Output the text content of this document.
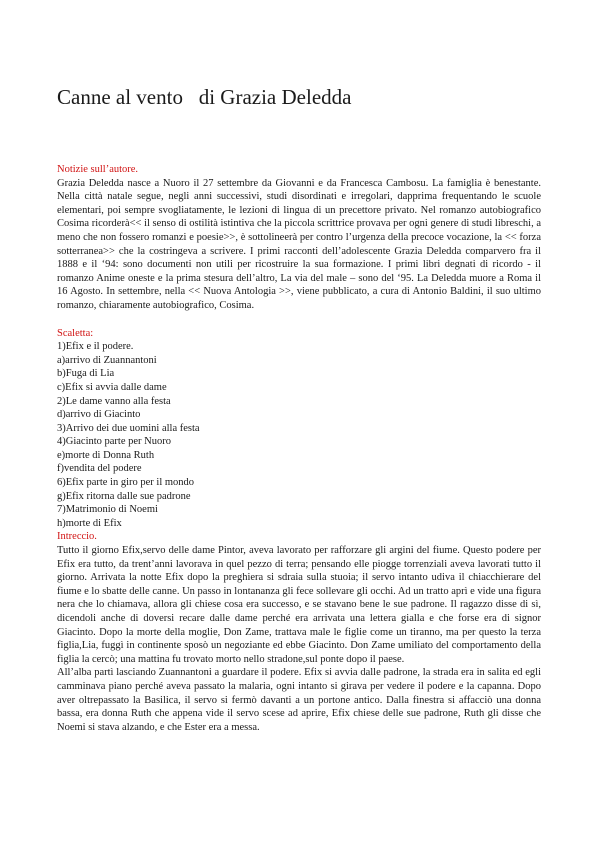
Canne al vento   di Grazia Deledda
Notizie sull’autore.

Grazia Deledda nasce a Nuoro il 27 settembre da Giovanni e da Francesca Cambosu. La famiglia è benestante. Nella città natale segue, negli anni successivi, studi disordinati e irregolari, dapprima frequentando le scuole elementari, poi sempre svogliatamente, le lezioni di lingua di un precettore privato. Nel romanzo autobiografico Cosima ricorderà<< il senso di ostilità istintiva che la piccola scrittrice provava per ogni genere di studi libreschi, a meno che non fossero romanzi e poesie>>, è sottolineerà per contro l’urgenza della precoce vocazione, la << forza sotterranea>> che la costringeva a scrivere. I primi racconti dell’adolescente Grazia Deledda comparvero fra il 1888 e il ‘94: sono documenti non utili per ricostruire la sua formazione. I primi libri degnati di ricordo - il romanzo Anime oneste e la prima stesura dell’altro, La via del male – sono del ‘95. La Deledda muore a Roma il 16 Agosto. In settembre, nella << Nuova Antologia >>, viene pubblicato, a cura di Antonio Baldini, il suo ultimo romanzo, chiaramente autobiografico, Cosima.

Scaletta:
1)Efix e il podere.
a)arrivo di Zuannantoni
b)Fuga di Lia
c)Efix si avvia dalle dame
2)Le dame vanno alla festa
d)arrivo di Giacinto
3)Arrivo dei due uomini alla festa
4)Giacinto parte per Nuoro
e)morte di Donna Ruth
f)vendita del podere
6)Efix parte in giro per il mondo
g)Efix ritorna dalle sue padrone
7)Matrimonio di Noemi
h)morte di Efix
Intreccio.

Tutto il giorno Efix,servo delle dame Pintor, aveva lavorato per rafforzare gli argini del fiume. Questo podere per Efix era tutto, da trent’anni lavorava in quel pezzo di terra; pensando elle piogge torrenziali aveva lavorati tutto il giorno. Arrivata la notte Efix dopo la preghiera si sdraia sulla stuoia; il servo intanto udiva il chiacchierare del fiume e lo sbatte delle canne. Un passo in lontananza gli fece sollevare gli occhi. Ad un tratto aprì e vide una figura nera che lo chiamava, allora gli chiese cosa era successo, e se stavano bene le sue padrone. Il ragazzo disse di sì, dicendoli anche di doversi recare dalle dame perché era arrivata una lettera gialla e che forse era di signor Giacinto. Dopo la morte della moglie, Don Zame, trattava male le figlie come un tiranno, ma per questo la terza figlia,Lia, fuggì in continente sposò un negoziante ed ebbe Giacinto. Don Zame umiliato del comportamento della figlia la cercò; una mattina fu trovato morto nello stradone,sul ponte dopo il paese.

All’alba partì lasciando Zuannantoni a guardare il podere. Efix si avvia dalle padrone, la strada era in salita ed egli camminava piano perché aveva passato la malaria, ogni intanto si girava per vedere il podere e la capanna. Dopo aver oltrepassato la Basilica, il servo si fermò davanti a un portone antico. Dalla finestra si affacciò una donna bassa, era donna Ruth che appena vide il servo scese ad aprire, Efix chiese delle sue padrone, Ruth gli disse che Noemi si stava alzando, e che Ester era a messa.
